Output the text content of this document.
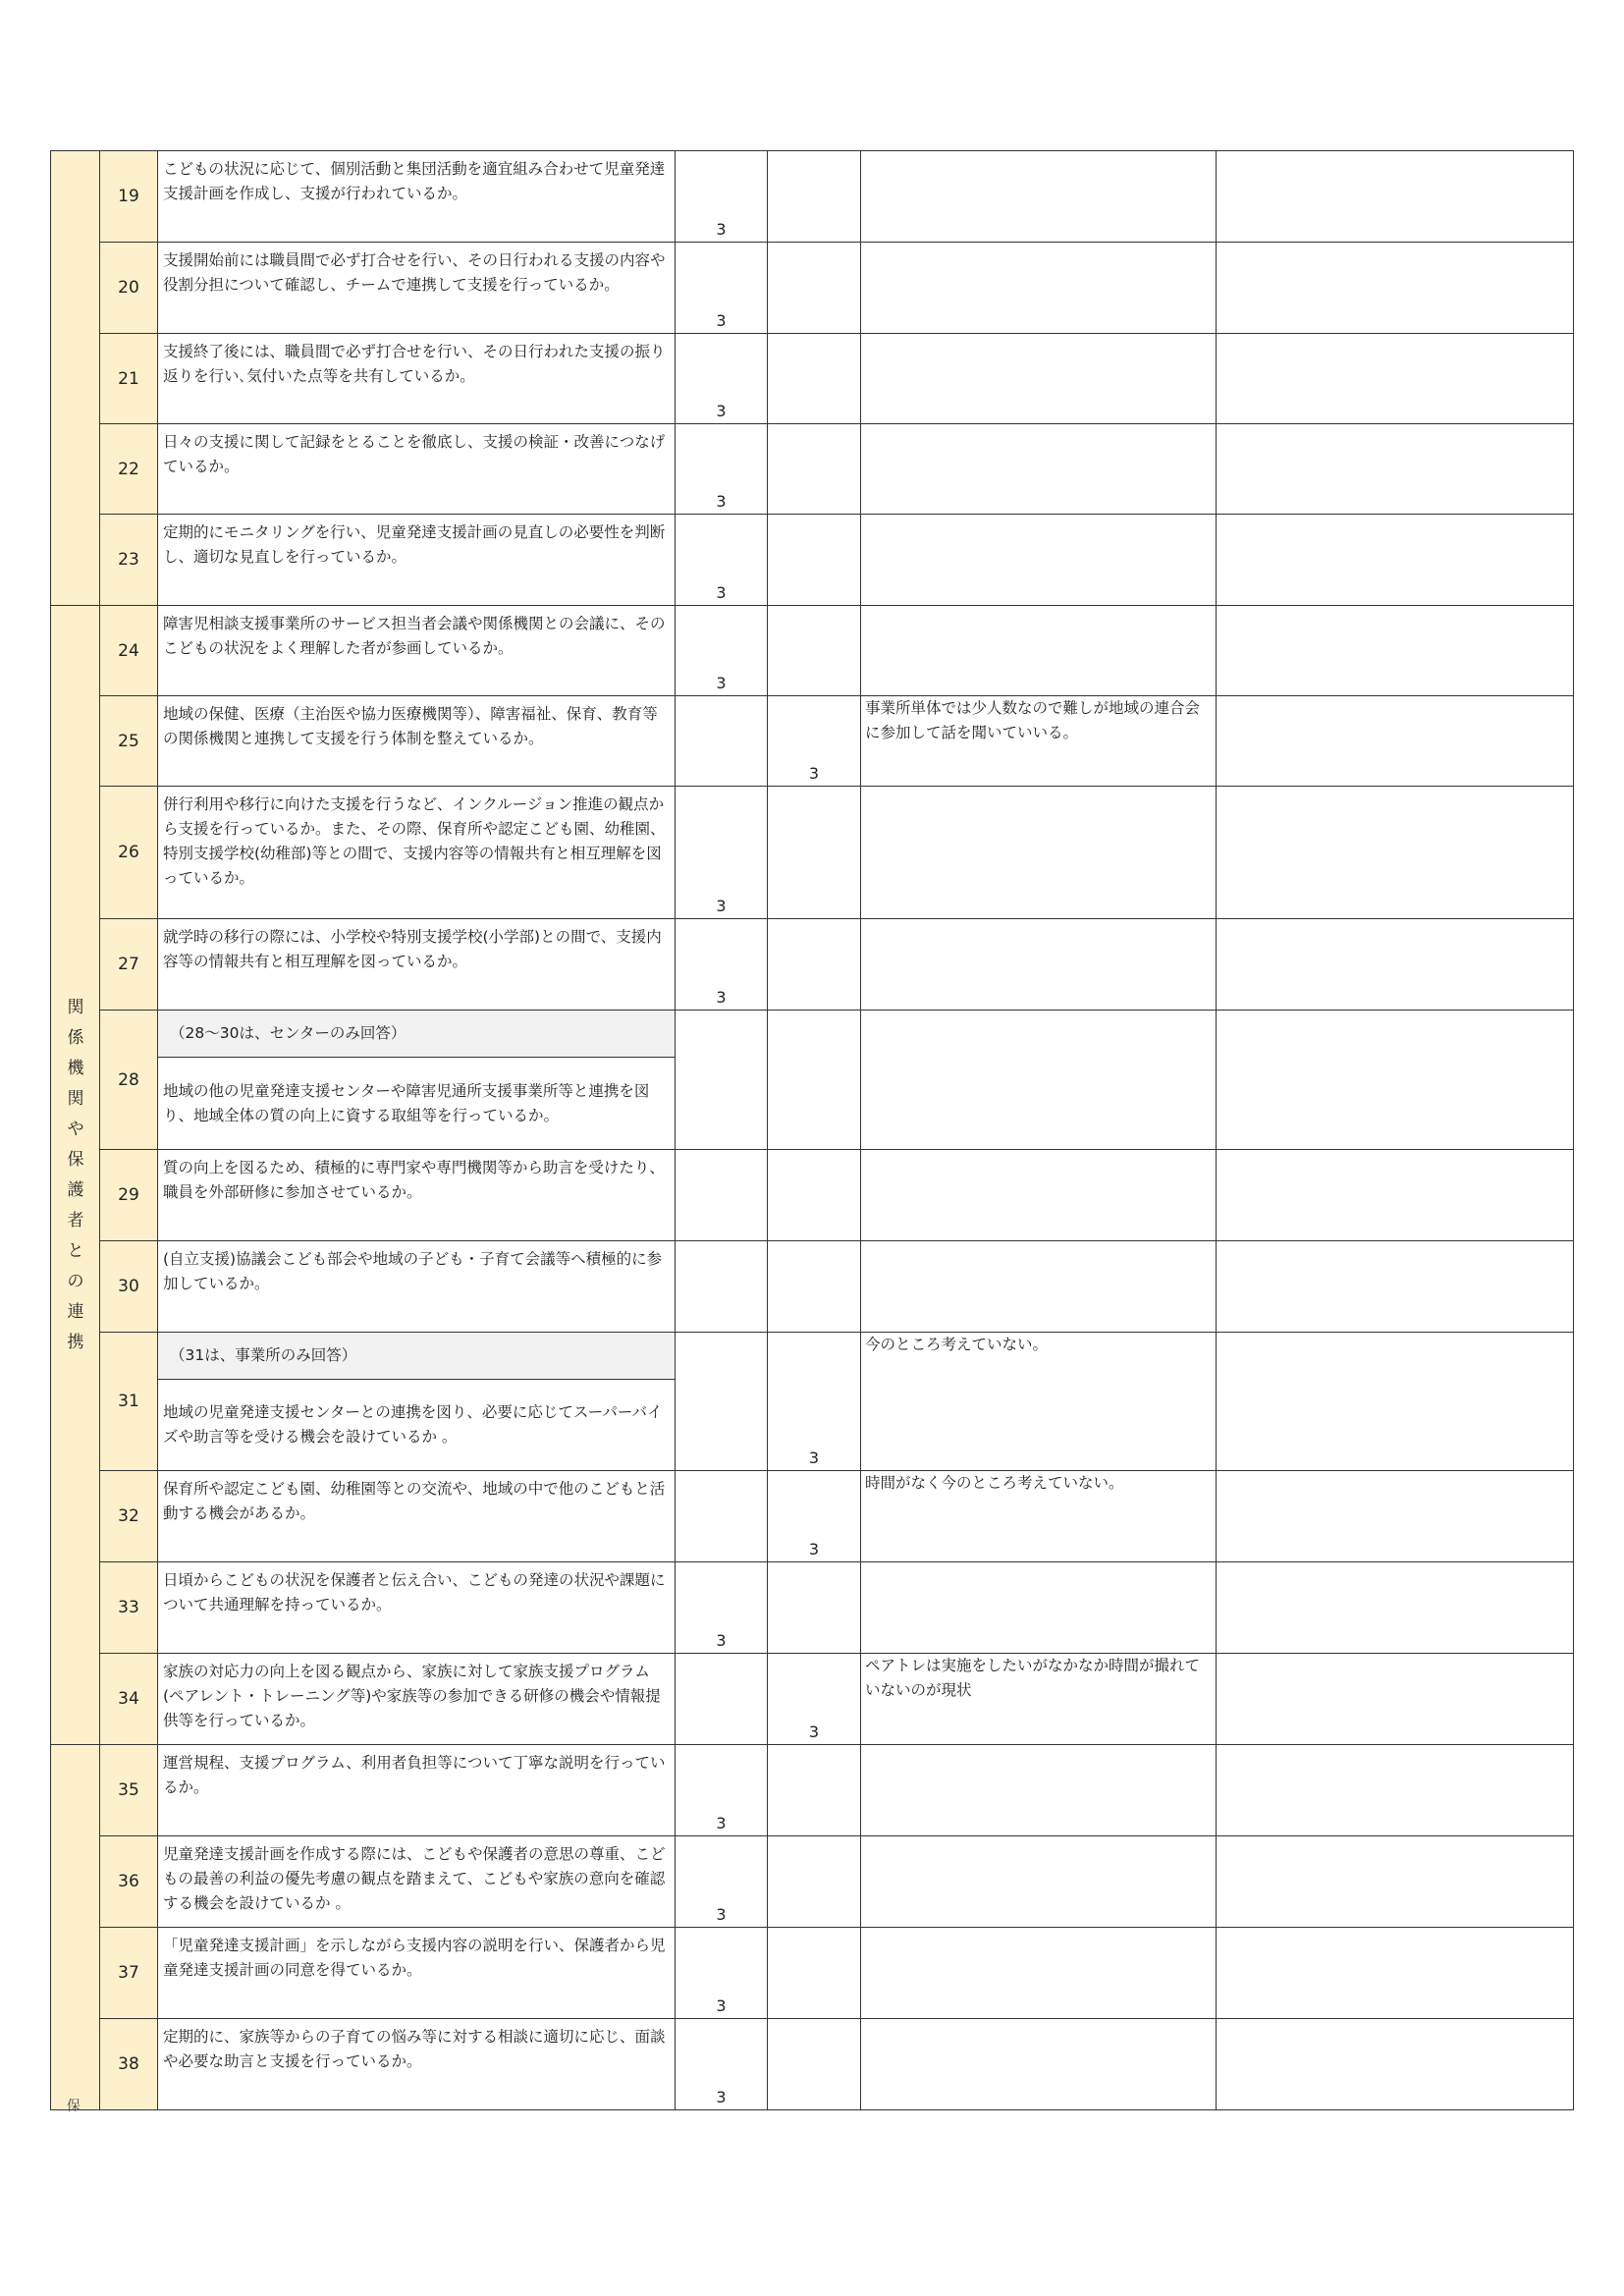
関係機関や保護者との連携
19
こどもの状況に応じて、個別活動と集団活動を適宜組み合わせて児童発達支援計画を作成し、支援が行われているか。
3
20
支援開始前には職員間で必ず打合せを行い、その日行われる支援の内容や役割分担について確認し、チームで連携して支援を行っているか。
3
21
支援終了後には、職員間で必ず打合せを行い、その日行われた支援の振り返りを行い､気付いた点等を共有しているか。
3
22
日々の支援に関して記録をとることを徹底し、支援の検証・改善につなげているか。
3
23
定期的にモニタリングを行い、児童発達支援計画の見直しの必要性を判断し、適切な見直しを行っているか。
3
24
障害児相談支援事業所のサービス担当者会議や関係機関との会議に、そのこどもの状況をよく理解した者が参画しているか。
3
25
地域の保健、医療（主治医や協力医療機関等）、障害福祉、保育、教育等の関係機関と連携して支援を行う体制を整えているか。
3
事業所単体では少人数なので難しが地域の連合会に参加して話を聞いていいる。
26
併行利用や移行に向けた支援を行うなど、インクルージョン推進の観点から支援を行っているか。また、その際、保育所や認定こども園、幼稚園、特別支援学校(幼稚部)等との間で、支援内容等の情報共有と相互理解を図っているか。
3
27
就学時の移行の際には、小学校や特別支援学校(小学部)との間で、支援内容等の情報共有と相互理解を図っているか。
3
28
（28～30は、センターのみ回答）
地域の他の児童発達支援センターや障害児通所支援事業所等と連携を図り、地域全体の質の向上に資する取組等を行っているか。
29
質の向上を図るため、積極的に専門家や専門機関等から助言を受けたり、職員を外部研修に参加させているか。
30
(自立支援)協議会こども部会や地域の子ども・子育て会議等へ積極的に参加しているか。
31
（31は、事業所のみ回答）
地域の児童発達支援センターとの連携を図り、必要に応じてスーパーバイズや助言等を受ける機会を設けているか 。
3
今のところ考えていない。
32
保育所や認定こども園、幼稚園等との交流や、地域の中で他のこどもと活動する機会があるか。
3
時間がなく今のところ考えていない。
33
日頃からこどもの状況を保護者と伝え合い、こどもの発達の状況や課題について共通理解を持っているか。
3
34
家族の対応力の向上を図る観点から、家族に対して家族支援プログラム(ペアレント・トレーニング等)や家族等の参加できる研修の機会や情報提供等を行っているか。
3
ペアトレは実施をしたいがなかなか時間が撮れていないのが現状
35
運営規程、支援プログラム、利用者負担等について丁寧な説明を行っているか。
3
36
児童発達支援計画を作成する際には、こどもや保護者の意思の尊重、こどもの最善の利益の優先考慮の観点を踏まえて、こどもや家族の意向を確認する機会を設けているか 。
3
37
「児童発達支援計画」を示しながら支援内容の説明を行い、保護者から児童発達支援計画の同意を得ているか。
3
38
定期的に、家族等からの子育ての悩み等に対する相談に適切に応じ、面談や必要な助言と支援を行っているか。
3
保
